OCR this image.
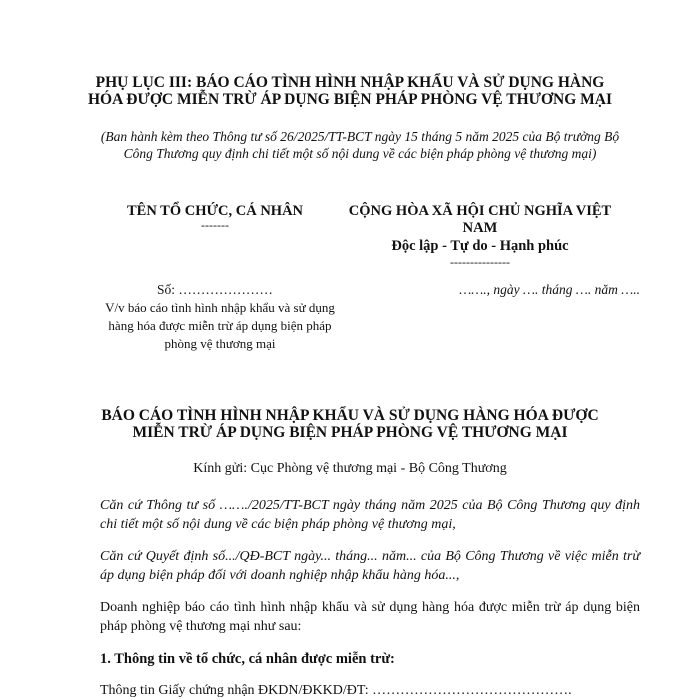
PHỤ LỤC III: BÁO CÁO TÌNH HÌNH NHẬP KHẨU VÀ SỬ DỤNG HÀNG
HÓA ĐƯỢC MIỄN TRỪ ÁP DỤNG BIỆN PHÁP PHÒNG VỆ THƯƠNG MẠI
(Ban hành kèm theo Thông tư số 26/2025/TT-BCT ngày 15 tháng 5 năm 2025 của Bộ trưởng Bộ Công Thương quy định chi tiết một số nội dung về các biện pháp phòng vệ thương mại)
TÊN TỔ CHỨC, CÁ NHÂN
-------
CỘNG HÒA XÃ HỘI CHỦ NGHĨA VIỆT
NAM
Độc lập - Tự do - Hạnh phúc
---------------
Số: …………………
V/v báo cáo tình hình nhập khẩu và sử dụng hàng hóa được miễn trừ áp dụng biện pháp phòng vệ thương mại
……., ngày …. tháng …. năm …..
BÁO CÁO TÌNH HÌNH NHẬP KHẨU VÀ SỬ DỤNG HÀNG HÓA ĐƯỢC
MIỄN TRỪ ÁP DỤNG BIỆN PHÁP PHÒNG VỆ THƯƠNG MẠI
Kính gửi: Cục Phòng vệ thương mại - Bộ Công Thương
Căn cứ Thông tư số ……./2025/TT-BCT ngày tháng năm 2025 của Bộ Công Thương quy định chi tiết một số nội dung về các biện pháp phòng vệ thương mại,
Căn cứ Quyết định số.../QĐ-BCT ngày... tháng... năm... của Bộ Công Thương về việc miễn trừ áp dụng biện pháp đối với doanh nghiệp nhập khẩu hàng hóa...,
Doanh nghiệp báo cáo tình hình nhập khẩu và sử dụng hàng hóa được miễn trừ áp dụng biện pháp phòng vệ thương mại như sau:
1. Thông tin về tổ chức, cá nhân được miễn trừ:
Thông tin Giấy chứng nhận ĐKDN/ĐKKD/ĐT: …………………………………….
